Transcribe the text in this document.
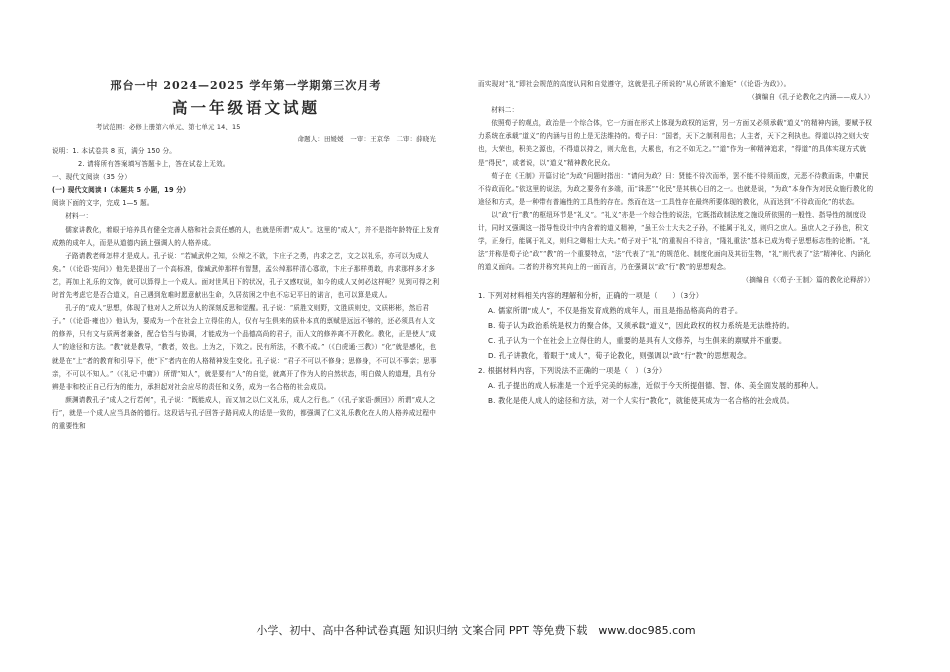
邢台一中 2024—2025 学年第一学期第三次月考
高一年级语文试题
考试范围：必修上册第六单元、第七单元 14、15
命题人：田媛媛　一审：王京华　二审：薛晓光
说明：1. 本试卷共 8 页，满分 150 分。
2. 请将所有答案填写答题卡上，答在试卷上无效。
一、现代文阅读（35 分）
(一) 现代文阅读 I（本题共 5 小题，19 分）
阅读下面的文字，完成 1—5 题。

材料一：

儒家讲教化，着眼于培养具有健全完善人格和社会责任感的人，也就是所谓“成人”。这里的“成人”，并不是指年龄特征上发育成熟的成年人，而是从道德内涵上强调人的人格养成。

子路请教老师怎样才是成人。孔子说：“若臧武仲之知，公绰之不欲，卞庄子之勇，冉求之艺，文之以礼乐，亦可以为成人矣。”（《论语·宪问》）他先是提出了一个高标准，像臧武仲那样有智慧，孟公绰那样清心寡欲，卞庄子那样勇敢，冉求那样多才多艺，再加上礼乐的文饰，就可以算得上一个成人。面对世风日下的状况，孔子又感叹说，如今的成人又何必这样呢？见到可得之利时首先考虑它是否合道义，自己遇到危难时愿意献出生命，久居贫困之中也不忘记平日的诺言，也可以算是成人。

孔子的“成人”思想，体现了他对人之所以为人的深刻反思和觉醒。孔子说：“质胜文则野，文胜质则史，文质彬彬，然后君子。”（《论语·雍也》）他认为，要成为一个在社会上立得住的人，仅有与生俱来的质朴本真的禀赋是远远不够的，还必须具有人文的修养，只有文与质两者兼备，配合恰当与协调，才能成为一个品德高尚的君子，而人文的修养离不开教化。教化，正是使人“成人”的途径和方法。“教”就是教导，“教者，效也。上为之，下效之。民有所法，不教不成。”（《白虎通·三教》）“化”就是感化，也就是在“上”者的教育和引导下，使“下”者内在的人格精神发生变化。孔子说：“君子不可以不修身；思修身，不可以不事亲；思事亲，不可以不知人。”（《礼记·中庸》）所谓“知人”，就是要有“人”的自觉，就离开了作为人的自然状态，明白做人的道理，具有分辨是非和校正自己行为的能力，承担起对社会应尽的责任和义务，成为一名合格的社会成员。

颜渊请教孔子“成人之行若何”，孔子说：“既能成人，而又加之以仁义礼乐，成人之行也。”（《孔子家语·颜回》）所谓“成人之行”，就是一个成人应当具备的德行。这段话与孔子回答子路问成人的话是一致的，都强调了仁义礼乐教化在人的人格养成过程中的重要性和

而实现对“礼”即社会规范的高度认同和自觉遵守，这就是孔子所说的“从心所欲不逾矩”（《论语·为政》）。

（摘编自《孔子论教化之内涵——成人》）

材料二：

依照荀子的观点，政治是一个综合体，它一方面在形式上体现为政权的运营，另一方面又必须承载“道义”的精神内涵，要赋予权力系统在承载“道义”的内涵与目的上是无法维持的。荀子曰：“国者，天下之制利用也；人主者，天下之利执也。得道以持之则大安也，大荣也，积美之源也，不得道以持之，则大危也，大累也，有之不如无之。”“道”作为一种精神追求，“得道”的具体实现方式就是“得民”，或者说，以“道义”精神教化民众。

荀子在《王制》开篇讨论“为政”问题时指出：“请问为政？曰：贤能不待次而举，罢不能不待须而废，元恶不待教而诛，中庸民不待政而化。”依这里的说法，为政之要务有多端，而“诛恶”“化民”是其核心目的之一。也就是说，“为政”本身作为对民众施行教化的途径和方式，是一种带有普遍性的工具性的存在。然而在这一工具性存在最终所要体现的教化，从而达到“不待政而化”的状态。

以“政”行“教”的枢纽环节是“礼义”。“礼义”亦是一个综合性的说法，它既指政制法度之施设所依照的一般性、指导性的制度设计，同时又强调这一指导性设计中内含着的道义精神，“虽王公士大夫之子孙，不能属于礼义，则归之庶人。虽庶人之子孙也，积文学，正身行，能属于礼义，则归之卿相士大夫。”荀子对于“礼”的重视自不待言，“隆礼重法”基本已成为荀子思想标志性的论断。“礼法”并称是荀子论“政”“教”的一个重要特点，“法”代表了“礼”的规范化、制度化面向及其衍生物，“礼”则代表了“法”精神化、内涵化的道义面向。二者的并称究其向上的一面而言，乃在强调以“政”行“教”的思想观念。

（摘编自《〈荀子·王制〉篇的教化论释辞》）

1. 下列对材料相关内容的理解和分析，正确的一项是（　　）（3分）
A. 儒家所谓“成人”，不仅是指发育成熟的成年人，而且是指品格高尚的君子。
B. 荀子认为政治系统是权力的聚合体，又须承载“道义”，因此政权的权力系统是无法维持的。
C. 孔子认为一个在社会上立得住的人，重要的是具有人文修养，与生俱来的禀赋并不重要。
D. 孔子讲教化，着眼于“成人”，荀子论教化，则强调以“政”行“教”的思想观念。
2. 根据材料内容，下列说法不正确的一项是（　）（3分）
A. 孔子提出的成人标准是一个近乎完美的标准，近似于今天所提倡德、智、体、美全面发展的那种人。
B. 教化是使人成人的途径和方法，对一个人实行“教化”，就能使其成为一名合格的社会成员。
小学、初中、高中各种试卷真题 知识归纳 文案合同 PPT 等免费下载　www.doc985.com
